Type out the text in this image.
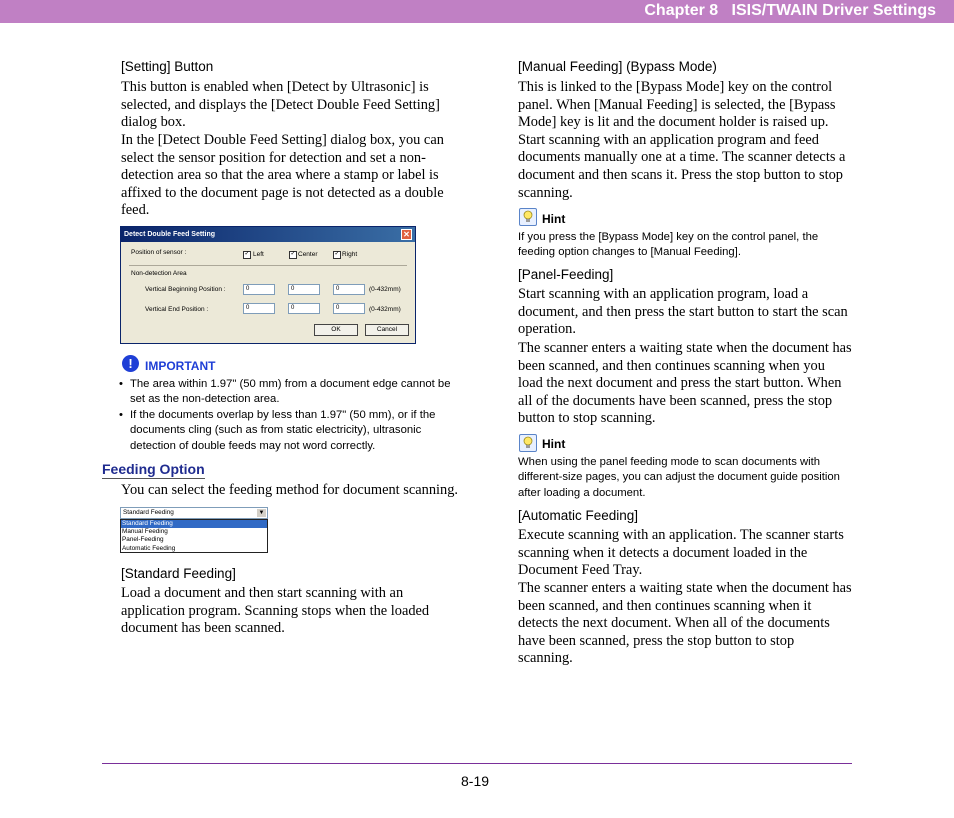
Chapter 8   ISIS/TWAIN Driver Settings
[Setting] Button
This button is enabled when [Detect by Ultrasonic] is selected, and displays the [Detect Double Feed Setting] dialog box.
In the [Detect Double Feed Setting] dialog box, you can select the sensor position for detection and set a non-detection area so that the area where a stamp or label is affixed to the document page is not detected as a double feed.
Detect Double Feed Setting	✕
Position of sensor :	✓ Left	✓ Center	✓ Right
Non-detection Area
Vertical Beginning Position :	0	0	0	(0-432mm)
Vertical End Position :	0	0	0	(0-432mm)
OK	Cancel
!	IMPORTANT
• The area within 1.97" (50 mm) from a document edge cannot be set as the non-detection area.
• If the documents overlap by less than 1.97" (50 mm), or if the documents cling (such as from static electricity), ultrasonic detection of double feeds may not word correctly.
Feeding Option
You can select the feeding method for document scanning.
Standard Feeding	▼
Standard Feeding
Manual Feeding
Panel-Feeding
Automatic Feeding
[Standard Feeding]
Load a document and then start scanning with an application program. Scanning stops when the loaded document has been scanned.
[Manual Feeding] (Bypass Mode)
This is linked to the [Bypass Mode] key on the control panel. When [Manual Feeding] is selected, the [Bypass Mode] key is lit and the document holder is raised up. Start scanning with an application program and feed documents manually one at a time. The scanner detects a document and then scans it. Press the stop button to stop scanning.
Hint
If you press the [Bypass Mode] key on the control panel, the feeding option changes to [Manual Feeding].
[Panel-Feeding]
Start scanning with an application program, load a document, and then press the start button to start the scan operation.
The scanner enters a waiting state when the document has been scanned, and then continues scanning when you load the next document and press the start button. When all of the documents have been scanned, press the stop button to stop scanning.
Hint
When using the panel feeding mode to scan documents with different-size pages, you can adjust the document guide position after loading a document.
[Automatic Feeding]
Execute scanning with an application. The scanner starts scanning when it detects a document loaded in the Document Feed Tray.
The scanner enters a waiting state when the document has been scanned, and then continues scanning when it detects the next document. When all of the documents have been scanned, press the stop button to stop scanning.
8-19
